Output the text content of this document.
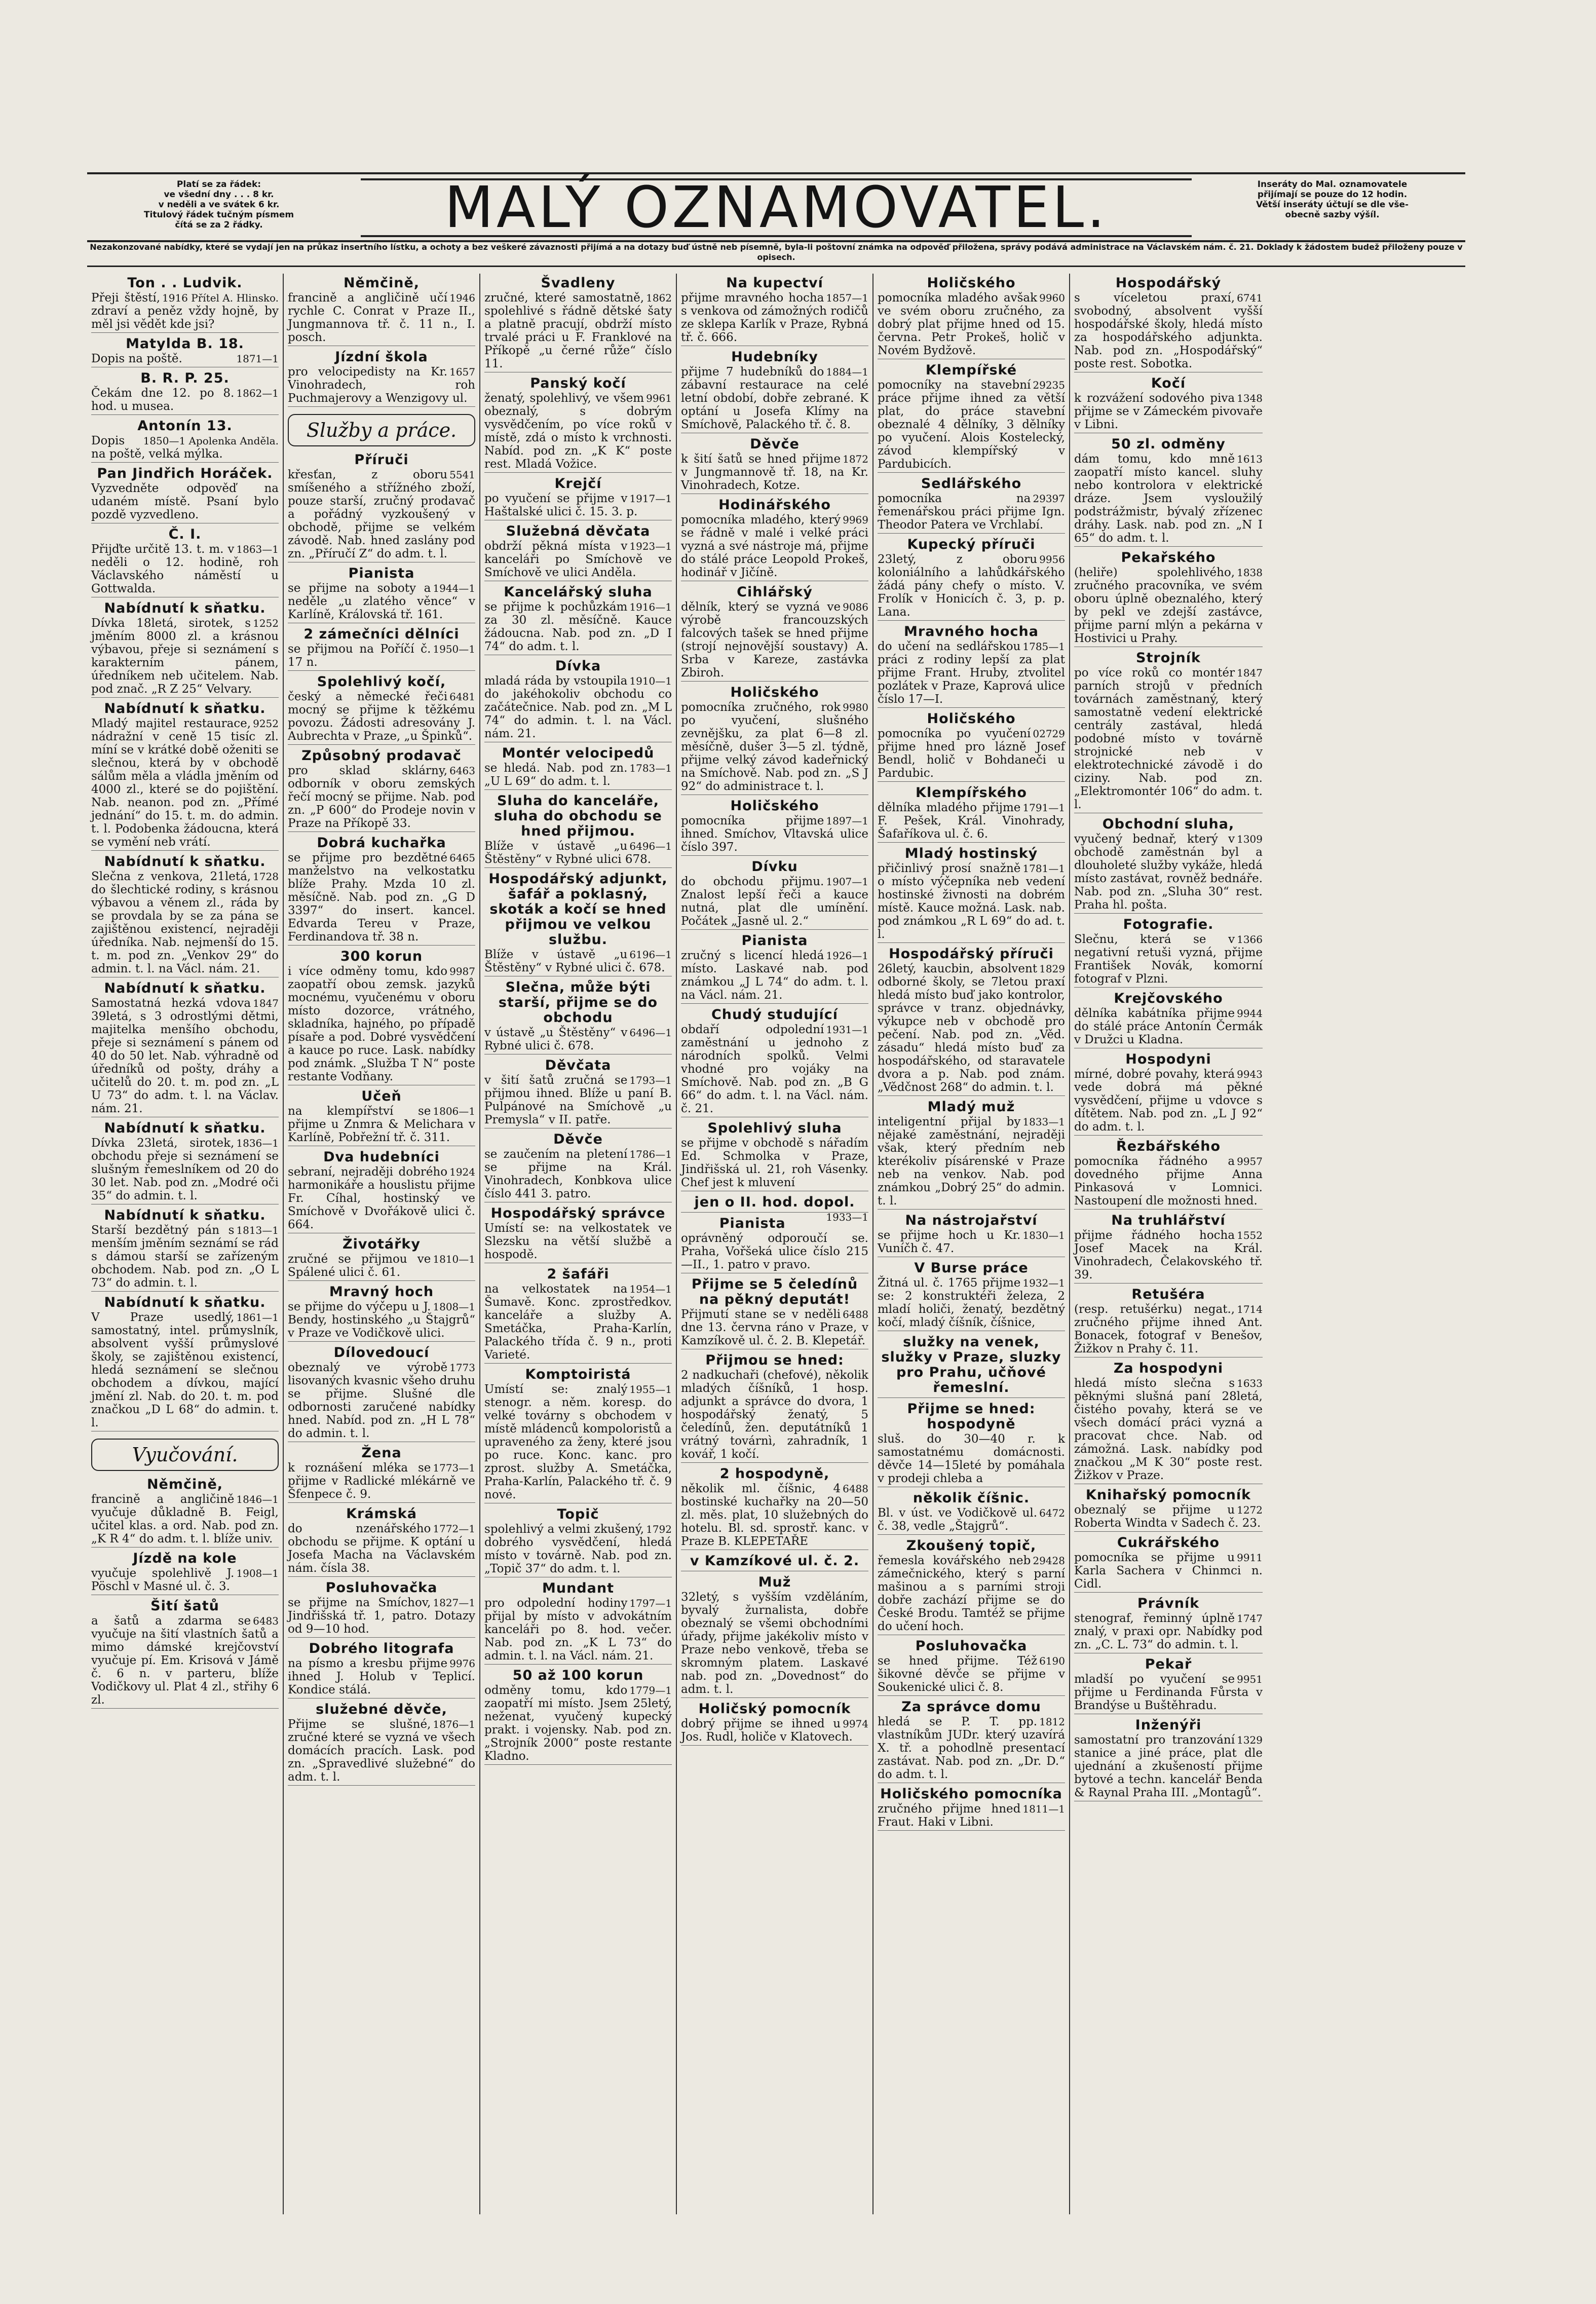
Platí se za řádek:
ve všední dny . . . 8 kr.
v neděli a ve svátek 6 kr.
Titulový řádek tučným písmem
čítá se za 2 řádky.	MALÝ OZNAMOVATEL.	Inseráty do Mal. oznamovatele
přijímají se pouze do 12 hodin.
Větší inseráty účtují se dle vše-
obecně sazby výšíl.
Nezakonzované nabídky, které se vydají jen na průkaz insertního lístku, a ochoty a bez veškeré závaznosti přijímá a na dotazy buď ústně neb písemně, byla-li poštovní známka na odpověď přiložena, správy podává administrace na Václavském nám. č. 21. Doklady k žádostem budež přiloženy pouze v opisech.
Ton . . Ludvik.

1916 Přítel A. Hlinsko.
Přeji štěstí, zdraví a peněz vždy hojně, by měl jsi vědět kde jsi?

Matylda B. 18.

1871—1
Dopis na poště.

B. R. P. 25.

1862—1
Čekám dne 12. po 8. hod. u musea.

Antonín 13.

1850—1 Apolenka Anděla.
Dopis na poště, velká mýlka.

Pan Jindřich Horáček.

Vyzvedněte odpověď na udaném místě. Psaní bylo pozdě vyzvedleno.

Č. I.

1863—1
Přijďte určitě 13. t. m. v neděli o 12. hodině, roh Václavského náměstí u Gottwalda.

Nabídnutí k sňatku.

1252
Dívka 18letá, sirotek, s jměním 8000 zl. a krásnou výbavou, přeje si seznámení s karakterním pánem, úředníkem neb učitelem. Nab. pod znač. „R Z 25“ Velvary.

Nabídnutí k sňatku.

9252
Mladý majitel restaurace, nádražní v ceně 15 tisíc zl. míní se v krátké době oženiti se slečnou, která by v obchodě sálům měla a vládla jměním od 4000 zl., které se do pojištění. Nab. neanon. pod zn. „Přímé jednání“ do 15. t. m. do admin. t. l. Podobenka žádoucna, která se vymění neb vrátí.

Nabídnutí k sňatku.

1728
Slečna z venkova, 21letá, do šlechtické rodiny, s krásnou výbavou a věnem zl., ráda by se provdala by se za pána se zajištěnou existencí, nejraději úředníka. Nab. nejmenší do 15. t. m. pod zn. „Venkov 29“ do admin. t. l. na Václ. nám. 21.

Nabídnutí k sňatku.

1847
Samostatná hezká vdova 39letá, s 3 odrostlými dětmi, majitelka menšího obchodu, přeje si seznámení s pánem od 40 do 50 let. Nab. výhradně od úředníků od pošty, dráhy a učitelů do 20. t. m. pod zn. „L U 73“ do adm. t. l. na Václav. nám. 21.

Nabídnutí k sňatku.

1836—1
Dívka 23letá, sirotek, obchodu přeje si seznámení se slušným řemeslníkem od 20 do 30 let. Nab. pod zn. „Modré oči 35“ do admin. t. l.

Nabídnutí k sňatku.

1813—1
Starší bezdětný pán s menším jměním seznámí se rád s dámou starší se zařízeným obchodem. Nab. pod zn. „O L 73“ do admin. t. l.

Nabídnutí k sňatku.

1861—1
V Praze usedlý, samostatný, intel. průmyslník, absolvent vyšší průmyslové školy, se zajištěnou existencí, hledá seznámení se slečnou obchodem a dívkou, mající jmění zl. Nab. do 20. t. m. pod značkou „D L 68“ do admin. t. l.

Vyučování.
Němčině,

1846—1
francině a angličině vyučuje důkladně B. Feigl, učitel klas. a ord. Nab. pod zn. „K R 4“ do adm. t. l. blíže univ.

Jízdě na kole

1908—1
vyučuje spolehlivě J. Pöschl v Masné ul. č. 3.

Šití šatů

6483
a šatů a zdarma se vyučuje na šití vlastních šatů a mimo dámské krejčovství vyučuje pí. Em. Krisová v Jámě č. 6 n. v parteru, blíže Vodičkovy ul. Plat 4 zl., střihy 6 zl.

Němčině,

1946
francině a angličině učí rychle C. Conrat v Praze II., Jungmannova tř. č. 11 n., I. posch.

Jízdní škola

1657
pro velocipedisty na Kr. Vinohradech, roh Puchmajerovy a Wenzigovy ul.

Služby a práce.
Příruči

5541
křesťan, z oboru smíšeného a střížného zboží, pouze starší, zručný prodavač a pořádný vyzkoušený v obchodě, přijme se velkém závodě. Nab. hned zaslány pod zn. „Příručí Z“ do adm. t. l.

Pianista

1944—1
se přijme na soboty a neděle „u zlatého věnce“ v Karlíně, Královská tř. 161.

2 zámečníci dělníci

1950—1
se přijmou na Poříčí č. 17 n.

Spolehlivý kočí,

6481
český a německé řeči mocný se přijme k těžkému povozu. Žádosti adresovány J. Aubrechta v Praze, „u Špinků“.

Způsobný prodavač

6463
pro sklad sklárny, odborník v oboru zemských řečí mocný se přijme. Nab. pod zn. „P 600“ do Prodeje novin v Praze na Příkopě 33.

Dobrá kuchařka

6465
se přijme pro bezdětné manželstvo na velkostatku blíže Prahy. Mzda 10 zl. měsíčně. Nab. pod zn. „G D 3397“ do insert. kancel. Edvarda Tereu v Praze, Ferdinandova tř. 38 n.

300 korun

9987
i více odměny tomu, kdo zaopatří obou zemsk. jazyků mocnému, vyučenému v oboru místo dozorce, vrátného, skladníka, hajného, po případě písaře a pod. Dobré vysvědčení a kauce po ruce. Lask. nabídky pod známk. „Služba T N“ poste restante Vodňany.

Učeň

1806—1
na klempířství se přijme u Znmra & Melichara v Karlíně, Pobřežní tř. č. 311.

Dva hudebníci

1924
sebraní, nejraději dobrého harmonikáře a houslistu přijme Fr. Cíhal, hostinský ve Smíchově v Dvořákově ulici č. 664.

Životářky

1810—1
zručné se přijmou ve Spálené ulici č. 61.

Mravný hoch

1808—1
se přijme do výčepu u J. Bendy, hostinského „u Štajgrů“ v Praze ve Vodičkově ulici.

Dílovedoucí

1773
obeznalý ve výrobě lisovaných kvasnic všeho druhu se přijme. Slušné dle odbornosti zaručené nabídky hned. Nabíd. pod zn. „H L 78“ do admin. t. l.

Žena

1773—1
k roznášení mléka se přijme v Radlické mlékárně ve Šfenpece č. 9.

Krámská

1772—1
do nzenářského obchodu se přijme. K optání u Josefa Macha na Václavském nám. čísla 38.

Posluhovačka

1827—1
se přijme na Smíchov, Jindřišská tř. 1, patro. Dotazy od 9—10 hod.

Dobrého litografa

9976
na písmo a kresbu přijme ihned J. Holub v Teplicí. Kondice stálá.

služebné děvče,

1876—1
Přijme se slušné, zručné které se vyzná ve všech domácích pracích. Lask. pod zn. „Spravedlivé služebné“ do adm. t. l.

Švadleny

1862
zručné, které samostatně, spolehlivé s řádně dětské šaty a platně pracují, obdrží místo trvalé práci u F. Franklové na Příkopě „u černé růže“ číslo 11.

Panský kočí

9961
ženatý, spolehlivý, ve všem obeznalý, s dobrým vysvědčením, po více roků v místě, zdá o místo k vrchnosti. Nabíd. pod zn. „K K“ poste rest. Mladá Vožice.

Krejčí

1917—1
po vyučení se přijme v Haštalské ulici č. 15. 3. p.

Služebná děvčata

1923—1
obdrží pěkná místa v kanceláři po Smíchově ve Smíchově ve ulici Anděla.

Kancelářský sluha

1916—1
se přijme k pochůzkám za 30 zl. měsíčně. Kauce žádoucna. Nab. pod zn. „D I 74“ do adm. t. l.

Dívka

1910—1
mladá ráda by vstoupila do jakéhokoliv obchodu co začátečnice. Nab. pod zn. „M L 74“ do admin. t. l. na Václ. nám. 21.

Montér velocipedů

1783—1
se hledá. Nab. pod zn. „U L 69“ do adm. t. l.

Sluha do kanceláře, sluha do obchodu se hned přijmou.

6496—1
Blíže v ústavě „u Štěstěny“ v Rybné ulici 678.

Hospodářský adjunkt, šafář a poklasný, skoták a kočí se hned přijmou ve velkou službu.

6196—1
Blíže v ústavě „u Štěstěny“ v Rybné ulici č. 678.

Slečna, může býti starší, přijme se do obchodu

6496—1
v ústavě „u Štěstěny“ v Rybné ulici č. 678.

Děvčata

1793—1
v šití šatů zručná se přijmou ihned. Blíže u paní B. Pulpánové na Smíchově „u Premysla“ v II. patře.

Děvče

1786—1
se zaučením na pletení se přijme na Král. Vinohradech, Konbkova ulice číslo 441 3. patro.

Hospodářský správce

Umístí se: na velkostatek ve Slezsku na větší službě a hospodě.

2 šafáři

1954—1
na velkostatek na Šumavě. Konc. zprostředkov. kanceláře a služby A. Smetáčka, Praha-Karlín, Palackého třída č. 9 n., proti Varieté.

Komptoiristá

1955—1
Umístí se: znalý stenogr. a něm. koresp. do velké továrny s obchodem v místě mládenců kompoloristů a upraveného za ženy, které jsou po ruce. Konc. kanc. pro zprost. služby A. Smetáčka, Praha-Karlín, Palackého tř. č. 9 nové.

Topič

1792
spolehlivý a velmi zkušený, dobrého vysvědčení, hledá místo v továrně. Nab. pod zn. „Topič 37“ do adm. t. l.

Mundant

1797—1
pro odpolední hodiny přijal by místo v advokátním kanceláři po 8. hod. večer. Nab. pod zn. „K L 73“ do admin. t. l. na Václ. nám. 21.

50 až 100 korun

1779—1
odměny tomu, kdo zaopatří mi místo. Jsem 25letý, neženat, vyučený kupecký prakt. i vojensky. Nab. pod zn. „Strojník 2000“ poste restante Kladno.

Na kupectví

1857—1
přijme mravného hocha s venkova od zámožných rodičů ze sklepa Karlík v Praze, Rybná tř. č. 666.

Hudebníky

1884—1
přijme 7 hudebníků do zábavní restaurace na celé letní období, dobře zebrané. K optání u Josefa Klímy na Smíchově, Palackého tř. č. 8.

Děvče

1872
k šití šatů se hned přijme v Jungmannově tř. 18, na Kr. Vinohradech, Kotze.

Hodinářského

9969
pomocníka mladého, který se řádně v malé i velké práci vyzná a své nástroje má, přijme do stálé práce Leopold Prokeš, hodinář v Jičíně.

Cihlářský

9086
dělník, který se vyzná ve výrobě francouzských falcových tašek se hned přijme (strojí nejnovější soustavy) A. Srba v Kareze, zastávka Zbiroh.

Holičského

9980
pomocníka zručného, rok po vyučení, slušného zevnějšku, za plat 6—8 zl. měsíčně, dušer 3—5 zl. týdně, přijme velký závod kadeřnický na Smíchově. Nab. pod zn. „S J 92“ do administrace t. l.

Holičského

1897—1
pomocníka přijme ihned. Smíchov, Vltavská ulice číslo 397.

Dívku

1907—1
do obchodu přijmu. Znalost lepší řeči a kauce nutná, plat dle umínění. Počátek „Jasně ul. 2.“

Pianista

1926—1
zručný s licencí hledá místo. Laskavé nab. pod známkou „J L 74“ do adm. t. l. na Václ. nám. 21.

Chudý studující

1931—1
obdaří odpolední zaměstnání u jednoho z národních spolků. Velmi vhodné pro vojáky na Smíchově. Nab. pod zn. „B G 66“ do adm. t. l. na Václ. nám. č. 21.

Spolehlivý sluha

se přijme v obchodě s nářadím Ed. Schmolka v Praze, Jindřišská ul. 21, roh Vásenky. Chef jest k mluvení

jen o II. hod. dopol.

1933—1

Pianista

oprávněný odporoučí se. Praha, Vořšeká ulice číslo 215—II., 1. patro v pravo.

Přijme se 5 čeledínů na pěkný deputát!

6488
Přijmutí stane se v neděli dne 13. června ráno v Praze, v Kamzíkově ul. č. 2. B. Klepetář.

Přijmou se hned:

2 nadkuchaři (chefové), několik mladých číšníků, 1 hosp. adjunkt a správce do dvora, 1 hospodářský ženatý, 5 čeledínů, žen. deputátníků 1 vrátný továrnì, zahradník, 1 kovář, 1 kočí.

2 hospodyně,

6488
několik ml. číšnic, 4 bostinské kuchařky na 20—50 zl. měs. plat, 10 služebných do hotelu. Bl. sd. sprostř. kanc. v Praze B. KLEPETAŘE

v Kamzíkové ul. č. 2.

Muž

32letý, s vyšším vzděláním, byvalý žurnalista, dobře obeznalý se všemi obchodními úřady, přijme jakékoliv místo v Praze nebo venkově, třeba se skromným platem. Laskavé nab. pod zn. „Dovednost“ do adm. t. l.

Holičský pomocník

9974
dobrý přijme se ihned u Jos. Rudl, holiče v Klatovech.

Holičského

9960
pomocníka mladého avšak ve svém oboru zručného, za dobrý plat přijme hned od 15. června. Petr Prokeš, holič v Novém Bydžově.

Klempířské

29235
pomocníky na stavební práce přijme ihned za větší plat, do práce stavební obeznalé 4 dělníky, 3 dělníky po vyučení. Alois Kostelecký, závod klempířský v Pardubicích.

Sedlářského

29397
pomocníka na řemenářskou práci přijme Ign. Theodor Patera ve Vrchlabí.

Kupecký příruči

9956
23letý, z oboru koloniálního a lahůdkářského žádá pány chefy o místo. V. Frolík v Honicích č. 3, p. p. Lana.

Mravného hocha

1785—1
do učení na sedlářskou práci z rodiny lepší za plat přijme Frant. Hruby, ztvolitel pozlátek v Praze, Kaprová ulice číslo 17—I.

Holičského

02729
pomocníka po vyučení přijme hned pro lázně Josef Bendl, holič v Bohdaneči u Pardubic.

Klempířského

1791—1
dělníka mladého přijme F. Pešek, Král. Vinohrady, Šafaříkova ul. č. 6.

Mladý hostinský

1781—1
přičinlivý prosí snažně o místo výčepníka neb vedení hostinské živnosti na dobrém místě. Kauce možná. Lask. nab. pod známkou „R L 69“ do ad. t. l.

Hospodářský příruči

1829
26letý, kaucbin, absolvent odborné školy, se 7letou praxí hledá místo buď jako kontrolor, správce v tranz. objednávky, výkupce neb v obchodě pro pečení. Nab. pod zn. „Věd. zásadu“ hledá místo buď za hospodářského, od staravatele dvora a p. Nab. pod znám. „Vědčnost 268“ do admin. t. l.

Mladý muž

1833—1
inteligentní přijal by nějaké zaměstnání, nejraději však, který předním neb kterékoliv písárenské v Praze neb na venkov. Nab. pod známkou „Dobrý 25“ do admin. t. l.

Na nástrojařství

1830—1
se přijme hoch u Kr. Vuníčh č. 47.

V Burse práce

1932—1
Žitná ul. č. 1765 přijme se: 2 konstruktéři železa, 2 mladí holiči, ženatý, bezdětný kočí, mladý číšník, číšnice,

služky na venek, služky v Praze, sluzky pro Prahu, učňové řemeslní.

Přijme se hned: hospodyně

sluš. do 30—40 r. k samostatnému domácnosti. děvče 14—15leté by pomáhala v prodeji chleba a

několik číšnic.

6472
Bl. v úst. ve Vodičkově ul. č. 38, vedle „Štajgrů“.

Zkoušený topič,

29428
řemesla kovářského neb zámečnického, který s parní mašinou a s parními stroji dobře zachází přijme se do České Brodu. Tamtéž se přijme do učení hoch.

Posluhovačka

6190
se hned přijme. Též šikovné děvče se přijme v Soukenické ulici č. 8.

Za správce domu

1812
hledá se P. T. pp. vlastníkům JUDr. který uzavírá X. tř. a pohodlně presentací zastávat. Nab. pod zn. „Dr. D.“ do adm. t. l.

Holičského pomocníka

1811—1
zručného přijme hned Fraut. Haki v Libni.

Hospodářský

6741
s víceletou praxí, svobodný, absolvent vyšší hospodářské školy, hledá místo za hospodářského adjunkta. Nab. pod zn. „Hospodářský“ poste rest. Sobotka.

Kočí

1348
k rozvážení sodového piva přijme se v Zámeckém pivovaře v Libni.

50 zl. odměny

1613
dám tomu, kdo mně zaopatří místo kancel. sluhy nebo kontrolora v elektrické dráze. Jsem vysloužilý podstrážmistr, bývalý zřízenec dráhy. Lask. nab. pod zn. „N I 65“ do adm. t. l.

Pekařského

1838
(heliře) spolehlivého, zručného pracovníka, ve svém oboru úplně obeznalého, který by pekl ve zdejší zastávce, přijme parní mlýn a pekárna v Hostivici u Prahy.

Strojník

1847
po více roků co montér parních strojů v předních továrnách zaměstnaný, který samostatně vedení elektrické centrály zastával, hledá podobné místo v továrně strojnické neb v elektrotechnické závodě i do ciziny. Nab. pod zn. „Elektromontér 106“ do adm. t. l.

Obchodní sluha,

1309
vyučený bednař, který v obchodě zaměstnán byl a dlouholeté služby vykáže, hledá místo zastávat, rovněž bednáře. Nab. pod zn. „Sluha 30“ rest. Praha hl. pošta.

Fotografie.

1366
Slečnu, která se v negativní retuši vyzná, přijme František Novák, komorní fotograf v Plzni.

Krejčovského

9944
dělníka kabátníka přijme do stálé práce Antonín Čermák v Družci u Kladna.

Hospodyni

9943
mírné, dobré povahy, která vede dobrá má pěkné vysvědčení, přijme u vdovce s dítětem. Nab. pod zn. „L J 92“ do adm. t. l.

Řezbářského

9957
pomocníka řádného a dovedného přijme Anna Pinkasová v Lomnici. Nastoupení dle možnosti hned.

Na truhlářství

1552
přijme řádného hocha Josef Macek na Král. Vinohradech, Čelakovského tř. 39.

Retušéra

1714
(resp. retušérku) negat., zručného přijme ihned Ant. Bonacek, fotograf v Benešov, Žižkov n Prahy č. 11.

Za hospodyni

1633
hledá místo slečna s pěknými slušná paní 28letá, čistého povahy, která se ve všech domácí práci vyzná a pracovat chce. Nab. od zámožná. Lask. nabídky pod značkou „M K 30“ poste rest. Žižkov v Praze.

Knihařský pomocník

1272
obeznalý se přijme u Roberta Windta v Sadech č. 23.

Cukrářského

9911
pomocníka se přijme u Karla Sachera v Chinmci n. Cidl.

Právník

1747
stenograf, řeminný úplně znalý, v praxi opr. Nabídky pod zn. „C. L. 73“ do admin. t. l.

Pekař

9951
mladší po vyučení se přijme u Ferdinanda Fůrsta v Brandýse u Buštěhradu.

Inženýři

1329
samostatní pro tranzování stanice a jiné práce, plat dle ujednání a zkušeností přijme bytové a techn. kancelář Benda & Raynal Praha III. „Montagů“.
